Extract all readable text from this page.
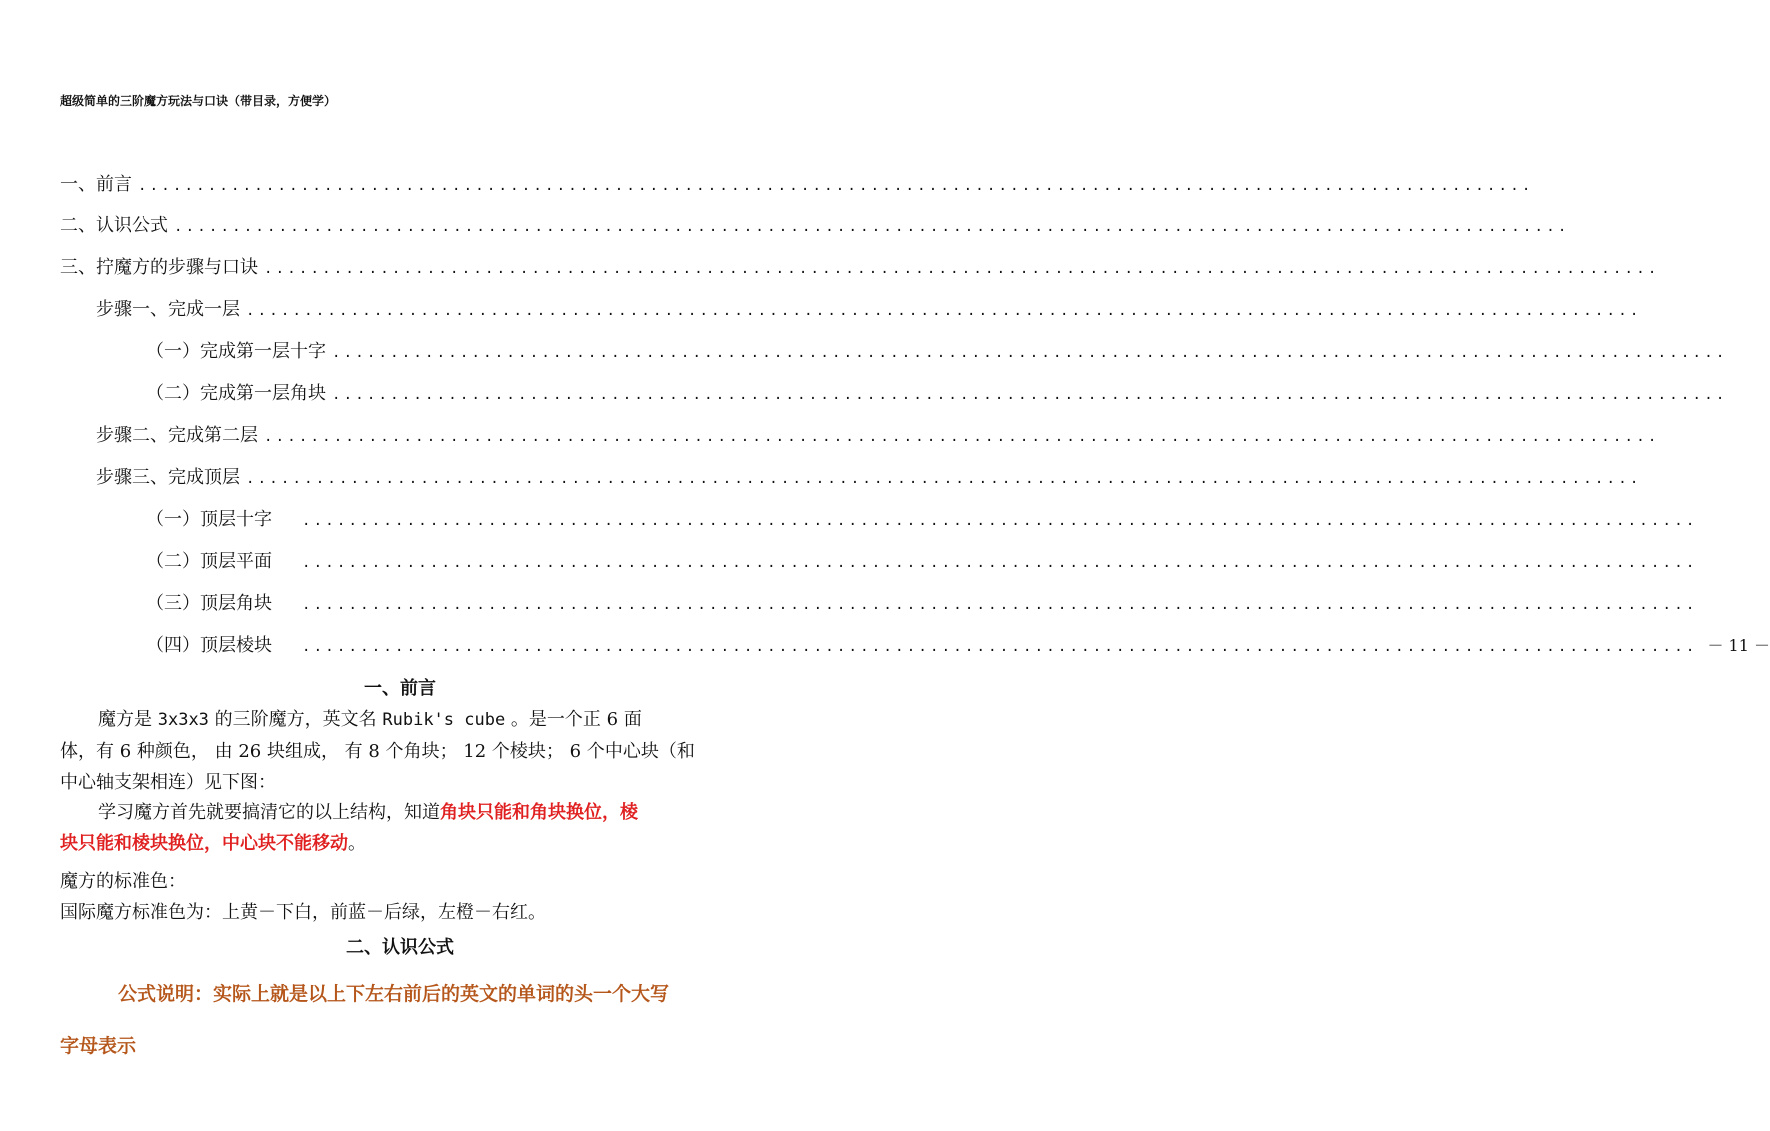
超级简单的三阶魔方玩法与口诀（带目录，方便学）
一、前言 ........................................................................................................................
二、认识公式 ........................................................................................................................
三、拧魔方的步骤与口诀 ........................................................................................................................
步骤一、完成一层 ........................................................................................................................
（一）完成第一层十字 ........................................................................................................................
（二）完成第一层角块 ........................................................................................................................
步骤二、完成第二层 ........................................................................................................................
步骤三、完成顶层 ........................................................................................................................
（一）顶层十字	........................................................................................................................
（二）顶层平面	........................................................................................................................
（三）顶层角块	........................................................................................................................
（四）顶层棱块	........................................................................................................................ － 11 －
一、前言
魔方是 3x3x3 的三阶魔方，英文名 Rubik's cube 。是一个正 6 面
体，有 6 种颜色， 由 26 块组成， 有 8 个角块； 12 个棱块； 6 个中心块（和
中心轴支架相连）见下图：
学习魔方首先就要搞清它的以上结构，知道角块只能和角块换位，棱
块只能和棱块换位，中心块不能移动。
魔方的标准色：
国际魔方标准色为：上黄－下白，前蓝－后绿，左橙－右红。
二、认识公式
公式说明：实际上就是以上下左右前后的英文的单词的头一个大写
字母表示
